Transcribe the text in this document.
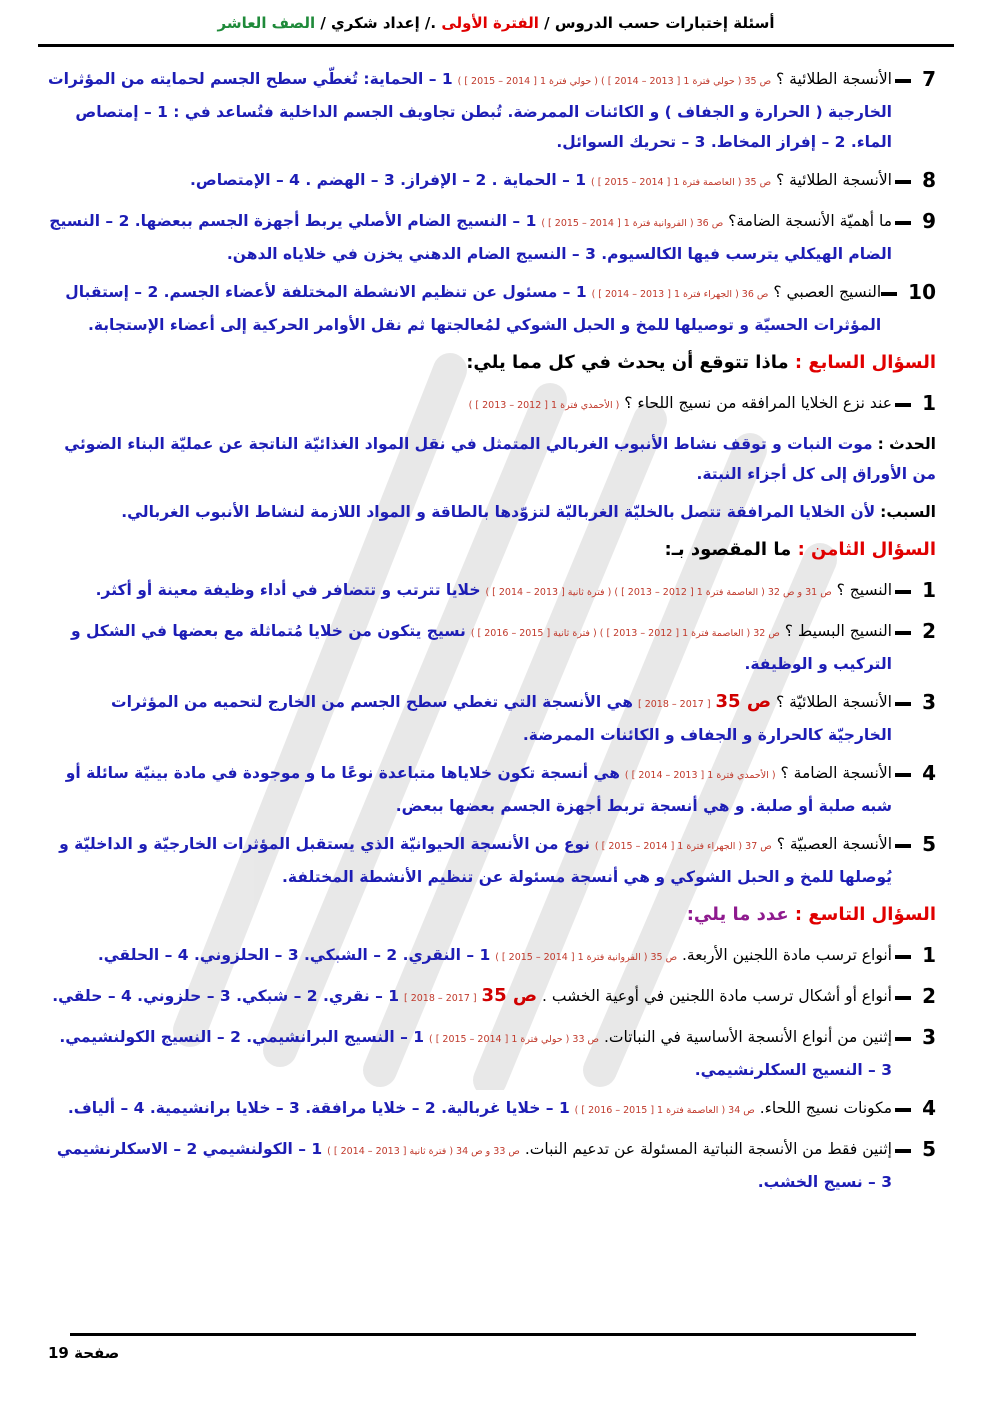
أسئلة إختبارات حسب الدروس / الفترة الأولى ./ إعداد شكري / الصف العاشر
7
الأنسجة الطلائية ؟ ص 35 ( حولي فترة 1 [ 2013 – 2014 ] ) ( حولي فترة 1 [ 2014 – 2015 ] ) 1 – الحماية: تُغطّي سطح الجسم لحمايته من المؤثرات الخارجية ( الحرارة و الجفاف ) و الكائنات الممرضة. تُبطن تجاويف الجسم الداخلية فتُساعد في : 1 – إمتصاص الماء. 2 – إفراز المخاط. 3 – تحريك السوائل.
8
الأنسجة الطلائية ؟ ص 35 ( العاصمة فترة 1 [ 2014 – 2015 ] ) 1 – الحماية . 2 – الإفراز. 3 – الهضم . 4 – الإمتصاص.
9
ما أهميّة الأنسجة الضامة؟ ص 36 ( الفروانية فترة 1 [ 2014 – 2015 ] ) 1 – النسيج الضام الأصلي يربط أجهزة الجسم ببعضها. 2 – النسيج الضام الهيكلي يترسب فيها الكالسيوم. 3 – النسيج الضام الدهني يخزن في خلاياه الدهن.
10
النسيج العصبي ؟ ص 36 ( الجهراء فترة 1 [ 2013 – 2014 ] ) 1 – مسئول عن تنظيم الانشطة المختلفة لأعضاء الجسم. 2 – إستقبال المؤثرات الحسيّة و توصيلها للمخ و الحبل الشوكي لمُعالجتها ثم نقل الأوامر الحركية إلى أعضاء الإستجابة.
السؤال السابع : ماذا تتوقع أن يحدث في كل مما يلي:
1
عند نزع الخلايا المرافقه من نسيج اللحاء ؟ ( الأحمدي فترة 1 [ 2012 – 2013 ] )
الحدث : موت النبات و توقف نشاط الأنبوب الغربالي المتمثل في نقل المواد الغذائيّة الناتجة عن عمليّة البناء الضوئي من الأوراق إلى كل أجزاء النبتة.
السبب: لأن الخلايا المرافقة تتصل بالخليّة الغرباليّة لتزوّدها بالطاقة و المواد اللازمة لنشاط الأنبوب الغربالي.
السؤال الثامن : ما المقصود بـ:
1
النسيج ؟ ص 31 و ص 32 ( العاصمة فترة 1 [ 2012 – 2013 ] ) ( فترة ثانية [ 2013 – 2014 ] ) خلايا تترتب و تتضافر في أداء وظيفة معينة أو أكثر.
2
النسيج البسيط ؟ ص 32 ( العاصمة فترة 1 [ 2012 – 2013 ] ) ( فترة ثانية [ 2015 – 2016 ] ) نسيج يتكون من خلايا مُتماثلة مع بعضها في الشكل و التركيب و الوظيفة.
3
الأنسجة الطلائيّة ؟ ص 35 [ 2017 – 2018 ] هي الأنسجة التي تغطي سطح الجسم من الخارج لتحميه من المؤثرات الخارجيّة كالحرارة و الجفاف و الكائنات الممرضة.
4
الأنسجة الضامة ؟ ( الأحمدي فترة 1 [ 2013 – 2014 ] ) هي أنسجة تكون خلاياها متباعدة نوعًا ما و موجودة في مادة بينيّة سائلة أو شبه صلبة أو صلبة. و هي أنسجة تربط أجهزة الجسم بعضها ببعض.
5
الأنسجة العصبيّة ؟ ص 37 ( الجهراء فترة 1 [ 2014 – 2015 ] ) نوع من الأنسجة الحيوانيّة الذي يستقبل المؤثرات الخارجيّة و الداخليّة و يُوصلها للمخ و الحبل الشوكي و هي أنسجة مسئولة عن تنظيم الأنشطة المختلفة.
السؤال التاسع : عدد ما يلي:
1
أنواع ترسب مادة اللجنين الأربعة. ص 35 ( الفروانية فترة 1 [ 2014 – 2015 ] ) 1 – النقري. 2 – الشبكي. 3 – الحلزوني. 4 – الحلقي.
2
أنواع أو أشكال ترسب مادة اللجنين في أوعية الخشب . ص 35 [ 2017 – 2018 ] 1 – نقري. 2 – شبكي. 3 – حلزوني. 4 – حلقي.
3
إثنين من أنواع الأنسجة الأساسية في النباتات. ص 33 ( حولي فترة 1 [ 2014 – 2015 ] ) 1 – النسيج البرانشيمي. 2 – النسيج الكولنشيمي. 3 – النسيج السكلرنشيمي.
4
مكونات نسيج اللحاء. ص 34 ( العاصمة فترة 1 [ 2015 – 2016 ] ) 1 – خلايا غربالية. 2 – خلايا مرافقة. 3 – خلايا برانشيمية. 4 – ألياف.
5
إثنين فقط من الأنسجة النباتية المسئولة عن تدعيم النبات. ص 33 و ص 34 ( فترة ثانية [ 2013 – 2014 ] ) 1 – الكولنشيمي 2 – الاسكلرنشيمي 3 – نسيج الخشب.
صفحة 19
